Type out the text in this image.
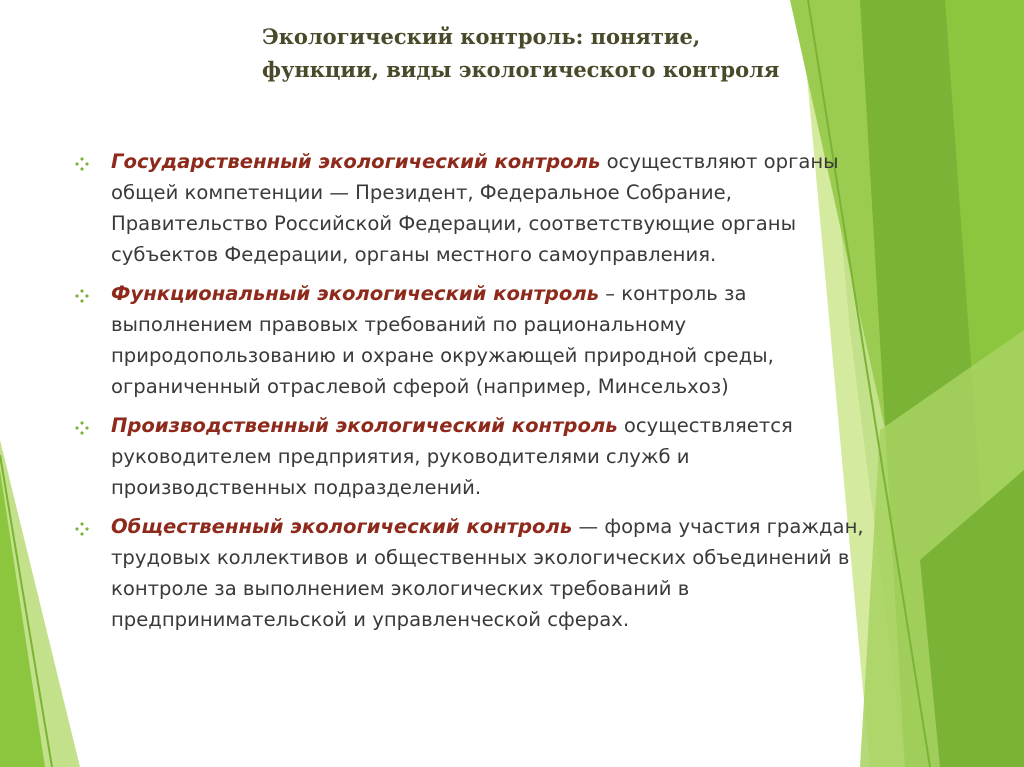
Экологический контроль: понятие,
функции, виды экологического контроля
Государственный экологический контроль осуществляют органы общей компетенции — Президент, Федеральное Собрание, Правительство Российской Федерации, соответствующие органы субъектов Федерации, органы местного самоуправления.
Функциональный экологический контроль – контроль за выполнением правовых требований по рациональному природопользованию и охране окружающей природной среды, ограниченный отраслевой сферой (например, Минсельхоз)
Производственный экологический контроль осуществляется руководителем предприятия, руководителями служб и производственных подразделений.
Общественный экологический контроль — форма участия граждан, трудовых коллективов и общественных экологических объединений в контроле за выполнением экологических требований в предпринимательской и управленческой сферах.
